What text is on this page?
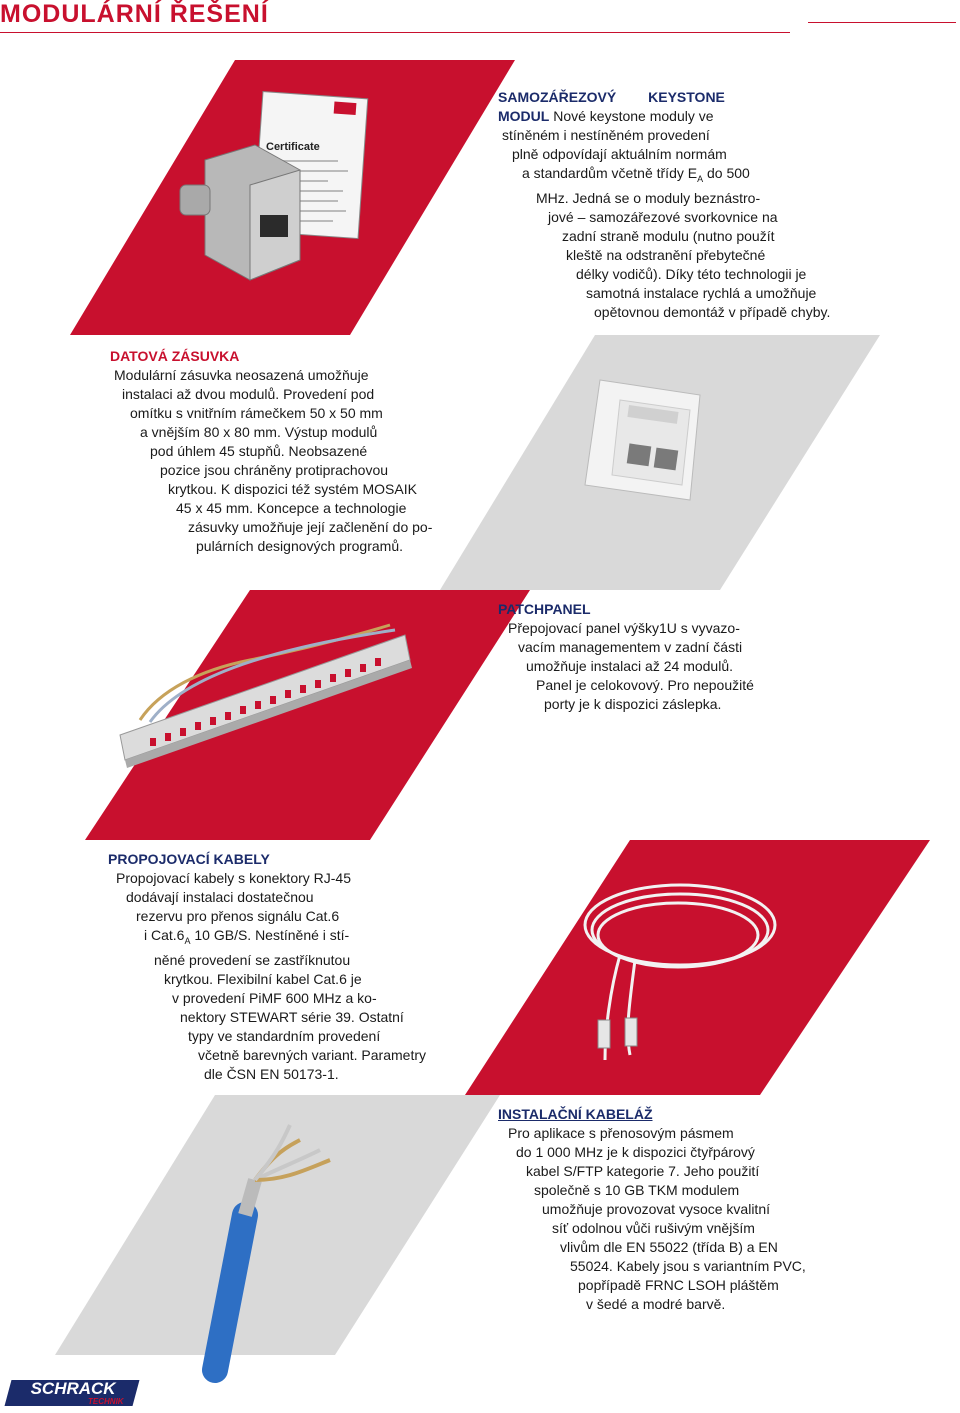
MODULÁRNÍ ŘEŠENÍ
Certificate
SAMOZÁŘEZOVÝ KEYSTONE
MODUL Nové keystone moduly ve
stíněném i nestíněném provedení
plně odpovídají aktuálním normám
a standardům včetně třídy $E_A$ do 500
MHz. Jedná se o moduly beznástro-
jové – samozářezové svorkovnice na
zadní straně modulu (nutno použít
kleště na odstranění přebytečné
délky vodičů). Díky této technologii je
samotná instalace rychlá a umožňuje
opětovnou demontáž v případě chyby.
DATOVÁ ZÁSUVKA
Modulární zásuvka neosazená umožňuje
instalaci až dvou modulů. Provedení pod
omítku s vnitřním rámečkem 50 x 50 mm
a vnějším 80 x 80 mm. Výstup modulů
pod úhlem 45 stupňů. Neobsazené
pozice jsou chráněny protiprachovou
krytkou. K dispozici též systém MOSAIK
45 x 45 mm. Koncepce a technologie
zásuvky umožňuje její začlenění do po-
pulárních designových programů.
PATCHPANEL
Přepojovací panel výšky1U s vyvazo-
vacím managementem v zadní části
umožňuje instalaci až 24 modulů.
Panel je celokovový. Pro nepoužité
porty je k dispozici záslepka.
PROPOJOVACÍ KABELY
Propojovací kabely s konektory RJ-45
dodávají instalaci dostatečnou
rezervu pro přenos signálu Cat.6
i $Cat.6_A$ 10 GB/S. Nestíněné i stí-
něné provedení se zastříknutou
krytkou. Flexibilní kabel Cat.6 je
v provedení PiMF 600 MHz a ko-
nektory STEWART série 39. Ostatní
typy ve standardním provedení
včetně barevných variant. Parametry
dle ČSN EN 50173-1.
INSTALAČNÍ KABELÁŽ
Pro aplikace s přenosovým pásmem
do 1 000 MHz je k dispozici čtyřpárový
kabel S/FTP kategorie 7. Jeho použití
společně s 10 GB TKM modulem
umožňuje provozovat vysoce kvalitní
síť odolnou vůči rušivým vnějším
vlivům dle EN 55022 (třída B) a EN
55024. Kabely jsou s variantním PVC,
popřípadě FRNC LSOH pláštěm
v šedé a modré barvě.
SCHRACK
TECHNIK
